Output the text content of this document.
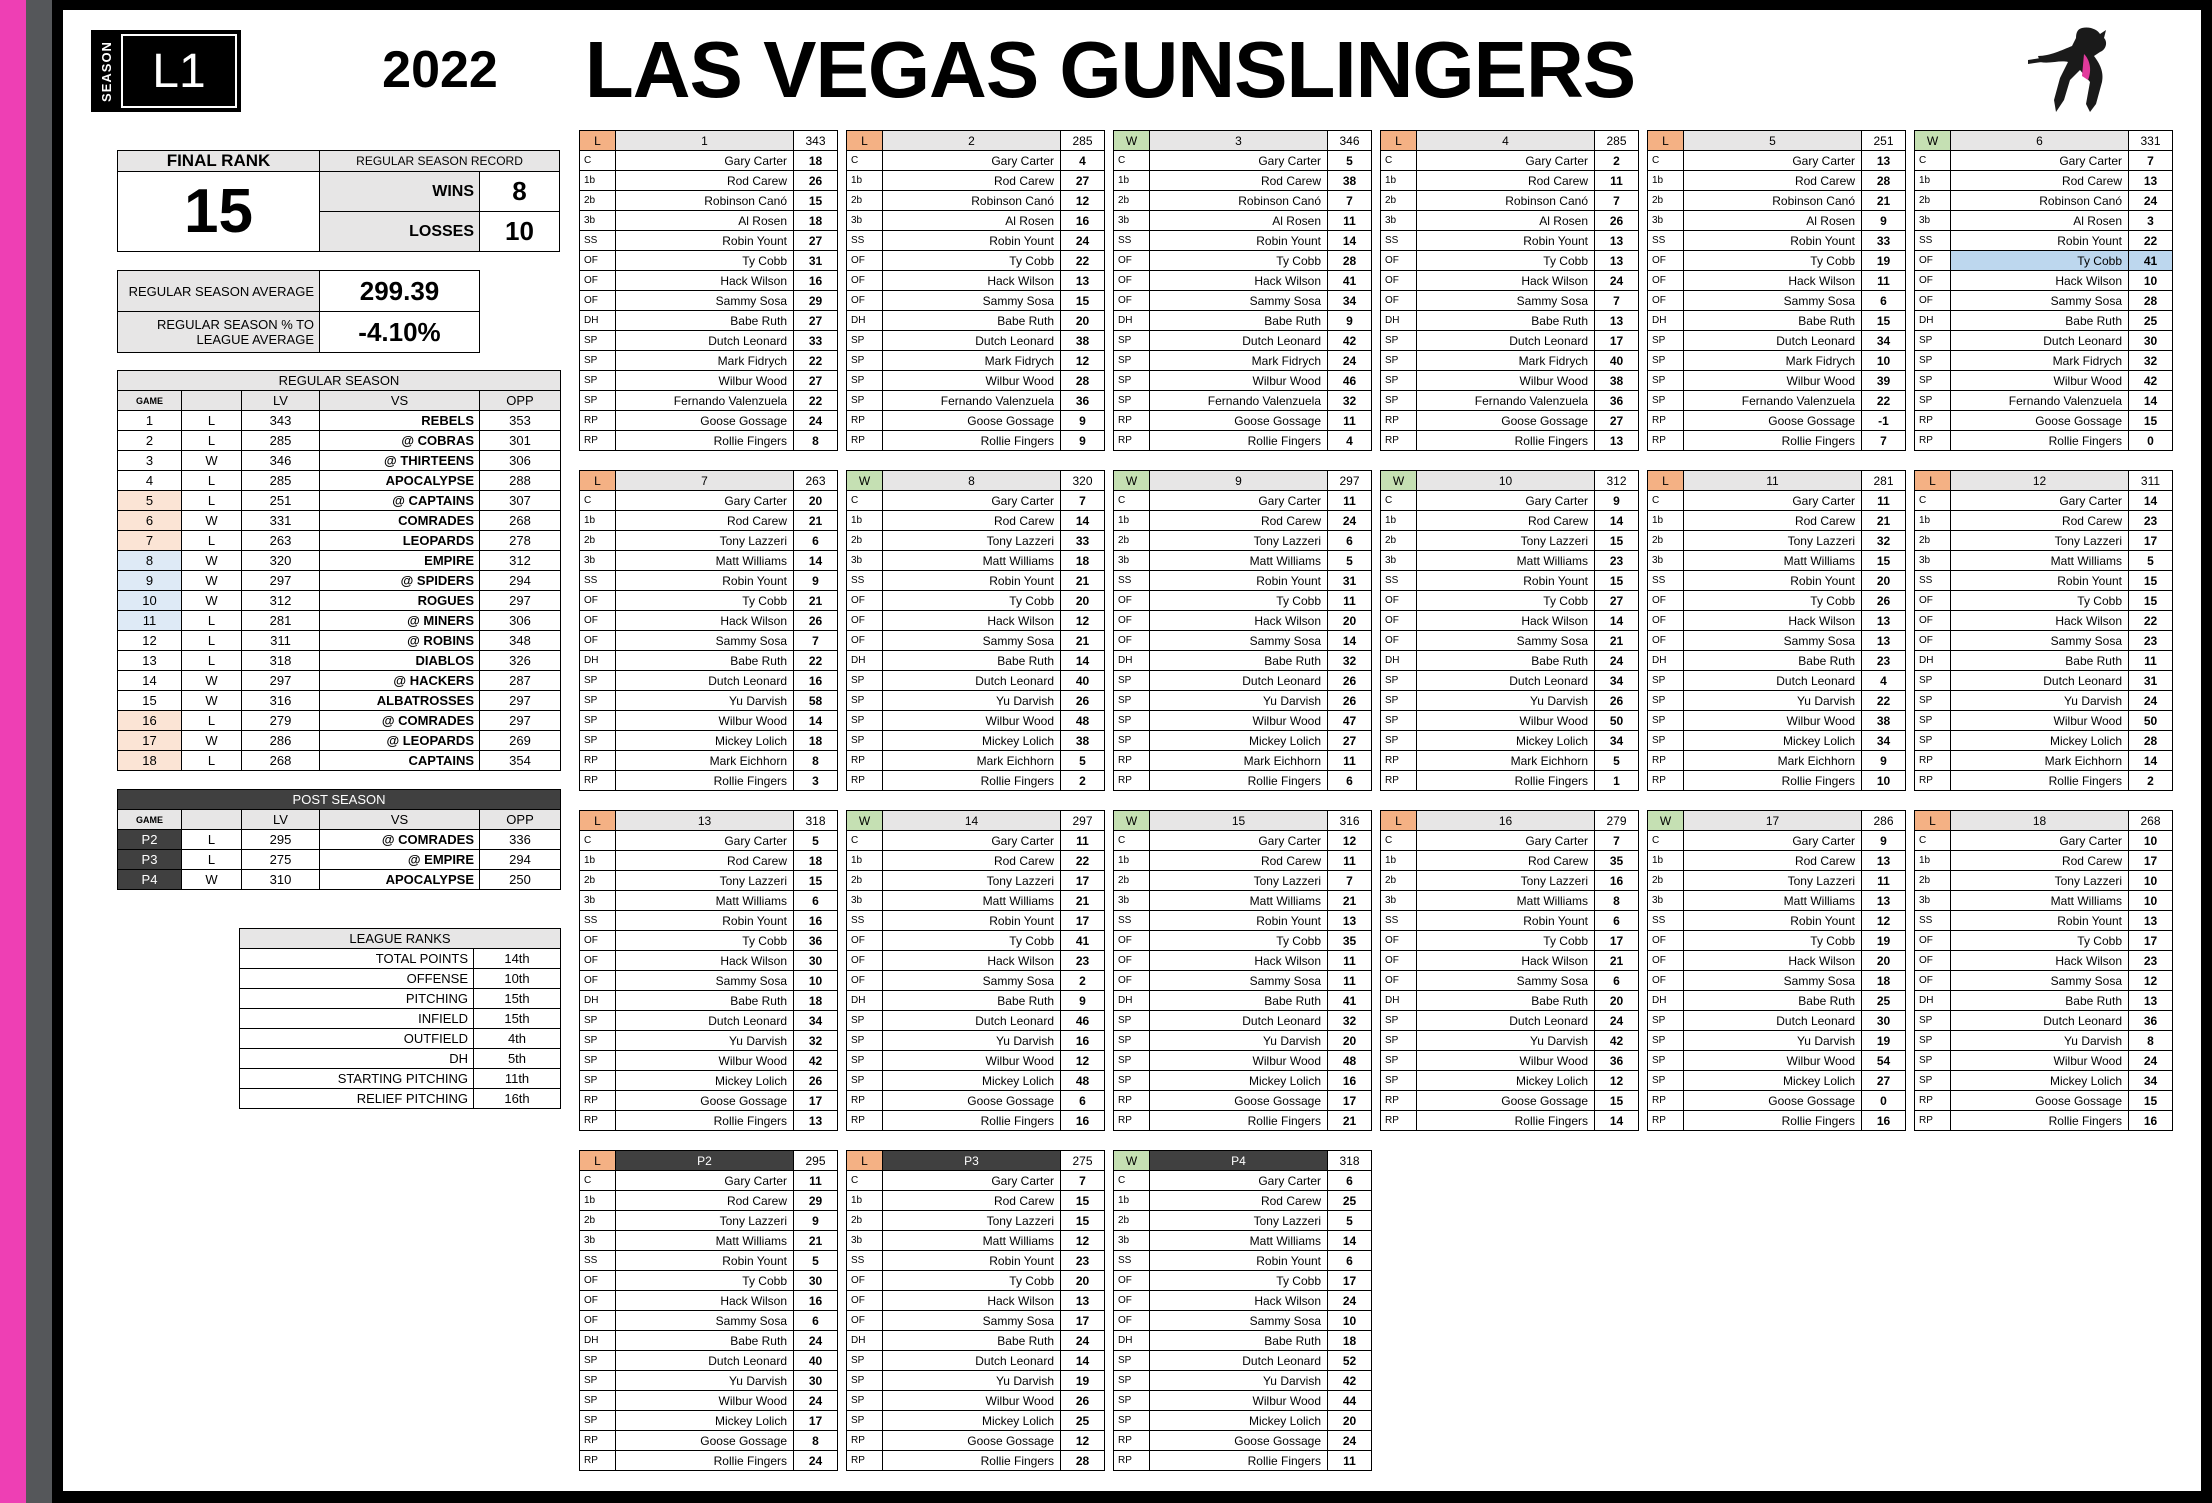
SEASON L1	2022	LAS VEGAS GUNSLINGERS
FINAL RANK	REGULAR SEASON RECORD	
15	WINS	8
	LOSSES	10
REGULAR SEASON AVERAGE	299.39
REGULAR SEASON % TO LEAGUE AVERAGE	-4.10%
REGULAR SEASON				
GAME		LV	VS	OPP
1	L	343	REBELS	353
2	L	285	@ COBRAS	301
3	W	346	@ THIRTEENS	306
4	L	285	APOCALYPSE	288
5	L	251	@ CAPTAINS	307
6	W	331	COMRADES	268
7	L	263	LEOPARDS	278
8	W	320	EMPIRE	312
9	W	297	@ SPIDERS	294
10	W	312	ROGUES	297
11	L	281	@ MINERS	306
12	L	311	@ ROBINS	348
13	L	318	DIABLOS	326
14	W	297	@ HACKERS	287
15	W	316	ALBATROSSES	297
16	L	279	@ COMRADES	297
17	W	286	@ LEOPARDS	269
18	L	268	CAPTAINS	354
POST SEASON				
GAME		LV	VS	OPP
P2	L	295	@ COMRADES	336
P3	L	275	@ EMPIRE	294
P4	W	310	APOCALYPSE	250
LEAGUE RANKS	
TOTAL POINTS	14th
OFFENSE	10th
PITCHING	15th
INFIELD	15th
OUTFIELD	4th
DH	5th
STARTING PITCHING	11th
RELIEF PITCHING	16th
L	1	343
C	Gary Carter	18
1b	Rod Carew	26
2b	Robinson Canó	15
3b	Al Rosen	18
SS	Robin Yount	27
OF	Ty Cobb	31
OF	Hack Wilson	16
OF	Sammy Sosa	29
DH	Babe Ruth	27
SP	Dutch Leonard	33
SP	Mark Fidrych	22
SP	Wilbur Wood	27
SP	Fernando Valenzuela	22
RP	Goose Gossage	24
RP	Rollie Fingers	8
L	2	285
C	Gary Carter	4
1b	Rod Carew	27
2b	Robinson Canó	12
3b	Al Rosen	16
SS	Robin Yount	24
OF	Ty Cobb	22
OF	Hack Wilson	13
OF	Sammy Sosa	15
DH	Babe Ruth	20
SP	Dutch Leonard	38
SP	Mark Fidrych	12
SP	Wilbur Wood	28
SP	Fernando Valenzuela	36
RP	Goose Gossage	9
RP	Rollie Fingers	9
W	3	346
C	Gary Carter	5
1b	Rod Carew	38
2b	Robinson Canó	7
3b	Al Rosen	11
SS	Robin Yount	14
OF	Ty Cobb	28
OF	Hack Wilson	41
OF	Sammy Sosa	34
DH	Babe Ruth	9
SP	Dutch Leonard	42
SP	Mark Fidrych	24
SP	Wilbur Wood	46
SP	Fernando Valenzuela	32
RP	Goose Gossage	11
RP	Rollie Fingers	4
L	4	285
C	Gary Carter	2
1b	Rod Carew	11
2b	Robinson Canó	7
3b	Al Rosen	26
SS	Robin Yount	13
OF	Ty Cobb	13
OF	Hack Wilson	24
OF	Sammy Sosa	7
DH	Babe Ruth	13
SP	Dutch Leonard	17
SP	Mark Fidrych	40
SP	Wilbur Wood	38
SP	Fernando Valenzuela	36
RP	Goose Gossage	27
RP	Rollie Fingers	13
L	5	251
C	Gary Carter	13
1b	Rod Carew	28
2b	Robinson Canó	21
3b	Al Rosen	9
SS	Robin Yount	33
OF	Ty Cobb	19
OF	Hack Wilson	11
OF	Sammy Sosa	6
DH	Babe Ruth	15
SP	Dutch Leonard	34
SP	Mark Fidrych	10
SP	Wilbur Wood	39
SP	Fernando Valenzuela	22
RP	Goose Gossage	-1
RP	Rollie Fingers	7
W	6	331
C	Gary Carter	7
1b	Rod Carew	13
2b	Robinson Canó	24
3b	Al Rosen	3
SS	Robin Yount	22
OF	Ty Cobb	41
OF	Hack Wilson	10
OF	Sammy Sosa	28
DH	Babe Ruth	25
SP	Dutch Leonard	30
SP	Mark Fidrych	32
SP	Wilbur Wood	42
SP	Fernando Valenzuela	14
RP	Goose Gossage	15
RP	Rollie Fingers	0
L	7	263
C	Gary Carter	20
1b	Rod Carew	21
2b	Tony Lazzeri	6
3b	Matt Williams	14
SS	Robin Yount	9
OF	Ty Cobb	21
OF	Hack Wilson	26
OF	Sammy Sosa	7
DH	Babe Ruth	22
SP	Dutch Leonard	16
SP	Yu Darvish	58
SP	Wilbur Wood	14
SP	Mickey Lolich	18
RP	Mark Eichhorn	8
RP	Rollie Fingers	3
W	8	320
C	Gary Carter	7
1b	Rod Carew	14
2b	Tony Lazzeri	33
3b	Matt Williams	18
SS	Robin Yount	21
OF	Ty Cobb	20
OF	Hack Wilson	12
OF	Sammy Sosa	21
DH	Babe Ruth	14
SP	Dutch Leonard	40
SP	Yu Darvish	26
SP	Wilbur Wood	48
SP	Mickey Lolich	38
RP	Mark Eichhorn	5
RP	Rollie Fingers	2
W	9	297
C	Gary Carter	11
1b	Rod Carew	24
2b	Tony Lazzeri	6
3b	Matt Williams	5
SS	Robin Yount	31
OF	Ty Cobb	11
OF	Hack Wilson	20
OF	Sammy Sosa	14
DH	Babe Ruth	32
SP	Dutch Leonard	26
SP	Yu Darvish	26
SP	Wilbur Wood	47
SP	Mickey Lolich	27
RP	Mark Eichhorn	11
RP	Rollie Fingers	6
W	10	312
C	Gary Carter	9
1b	Rod Carew	14
2b	Tony Lazzeri	15
3b	Matt Williams	23
SS	Robin Yount	15
OF	Ty Cobb	27
OF	Hack Wilson	14
OF	Sammy Sosa	21
DH	Babe Ruth	24
SP	Dutch Leonard	34
SP	Yu Darvish	26
SP	Wilbur Wood	50
SP	Mickey Lolich	34
RP	Mark Eichhorn	5
RP	Rollie Fingers	1
L	11	281
C	Gary Carter	11
1b	Rod Carew	21
2b	Tony Lazzeri	32
3b	Matt Williams	15
SS	Robin Yount	20
OF	Ty Cobb	26
OF	Hack Wilson	13
OF	Sammy Sosa	13
DH	Babe Ruth	23
SP	Dutch Leonard	4
SP	Yu Darvish	22
SP	Wilbur Wood	38
SP	Mickey Lolich	34
RP	Mark Eichhorn	9
RP	Rollie Fingers	10
L	12	311
C	Gary Carter	14
1b	Rod Carew	23
2b	Tony Lazzeri	17
3b	Matt Williams	5
SS	Robin Yount	15
OF	Ty Cobb	15
OF	Hack Wilson	22
OF	Sammy Sosa	23
DH	Babe Ruth	11
SP	Dutch Leonard	31
SP	Yu Darvish	24
SP	Wilbur Wood	50
SP	Mickey Lolich	28
RP	Mark Eichhorn	14
RP	Rollie Fingers	2
L	13	318
C	Gary Carter	5
1b	Rod Carew	18
2b	Tony Lazzeri	15
3b	Matt Williams	6
SS	Robin Yount	16
OF	Ty Cobb	36
OF	Hack Wilson	30
OF	Sammy Sosa	10
DH	Babe Ruth	18
SP	Dutch Leonard	34
SP	Yu Darvish	32
SP	Wilbur Wood	42
SP	Mickey Lolich	26
RP	Goose Gossage	17
RP	Rollie Fingers	13
W	14	297
C	Gary Carter	11
1b	Rod Carew	22
2b	Tony Lazzeri	17
3b	Matt Williams	21
SS	Robin Yount	17
OF	Ty Cobb	41
OF	Hack Wilson	23
OF	Sammy Sosa	2
DH	Babe Ruth	9
SP	Dutch Leonard	46
SP	Yu Darvish	16
SP	Wilbur Wood	12
SP	Mickey Lolich	48
RP	Goose Gossage	6
RP	Rollie Fingers	16
W	15	316
C	Gary Carter	12
1b	Rod Carew	11
2b	Tony Lazzeri	7
3b	Matt Williams	21
SS	Robin Yount	13
OF	Ty Cobb	35
OF	Hack Wilson	11
OF	Sammy Sosa	11
DH	Babe Ruth	41
SP	Dutch Leonard	32
SP	Yu Darvish	20
SP	Wilbur Wood	48
SP	Mickey Lolich	16
RP	Goose Gossage	17
RP	Rollie Fingers	21
L	16	279
C	Gary Carter	7
1b	Rod Carew	35
2b	Tony Lazzeri	16
3b	Matt Williams	8
SS	Robin Yount	6
OF	Ty Cobb	17
OF	Hack Wilson	21
OF	Sammy Sosa	6
DH	Babe Ruth	20
SP	Dutch Leonard	24
SP	Yu Darvish	42
SP	Wilbur Wood	36
SP	Mickey Lolich	12
RP	Goose Gossage	15
RP	Rollie Fingers	14
W	17	286
C	Gary Carter	9
1b	Rod Carew	13
2b	Tony Lazzeri	11
3b	Matt Williams	13
SS	Robin Yount	12
OF	Ty Cobb	19
OF	Hack Wilson	20
OF	Sammy Sosa	18
DH	Babe Ruth	25
SP	Dutch Leonard	30
SP	Yu Darvish	19
SP	Wilbur Wood	54
SP	Mickey Lolich	27
RP	Goose Gossage	0
RP	Rollie Fingers	16
L	18	268
C	Gary Carter	10
1b	Rod Carew	17
2b	Tony Lazzeri	10
3b	Matt Williams	10
SS	Robin Yount	13
OF	Ty Cobb	17
OF	Hack Wilson	23
OF	Sammy Sosa	12
DH	Babe Ruth	13
SP	Dutch Leonard	36
SP	Yu Darvish	8
SP	Wilbur Wood	24
SP	Mickey Lolich	34
RP	Goose Gossage	15
RP	Rollie Fingers	16
L	P2	295
C	Gary Carter	11
1b	Rod Carew	29
2b	Tony Lazzeri	9
3b	Matt Williams	21
SS	Robin Yount	5
OF	Ty Cobb	30
OF	Hack Wilson	16
OF	Sammy Sosa	6
DH	Babe Ruth	24
SP	Dutch Leonard	40
SP	Yu Darvish	30
SP	Wilbur Wood	24
SP	Mickey Lolich	17
RP	Goose Gossage	8
RP	Rollie Fingers	24
L	P3	275
C	Gary Carter	7
1b	Rod Carew	15
2b	Tony Lazzeri	15
3b	Matt Williams	12
SS	Robin Yount	23
OF	Ty Cobb	20
OF	Hack Wilson	13
OF	Sammy Sosa	17
DH	Babe Ruth	24
SP	Dutch Leonard	14
SP	Yu Darvish	19
SP	Wilbur Wood	26
SP	Mickey Lolich	25
RP	Goose Gossage	12
RP	Rollie Fingers	28
W	P4	318
C	Gary Carter	6
1b	Rod Carew	25
2b	Tony Lazzeri	5
3b	Matt Williams	14
SS	Robin Yount	6
OF	Ty Cobb	17
OF	Hack Wilson	24
OF	Sammy Sosa	10
DH	Babe Ruth	18
SP	Dutch Leonard	52
SP	Yu Darvish	42
SP	Wilbur Wood	44
SP	Mickey Lolich	20
RP	Goose Gossage	24
RP	Rollie Fingers	11
